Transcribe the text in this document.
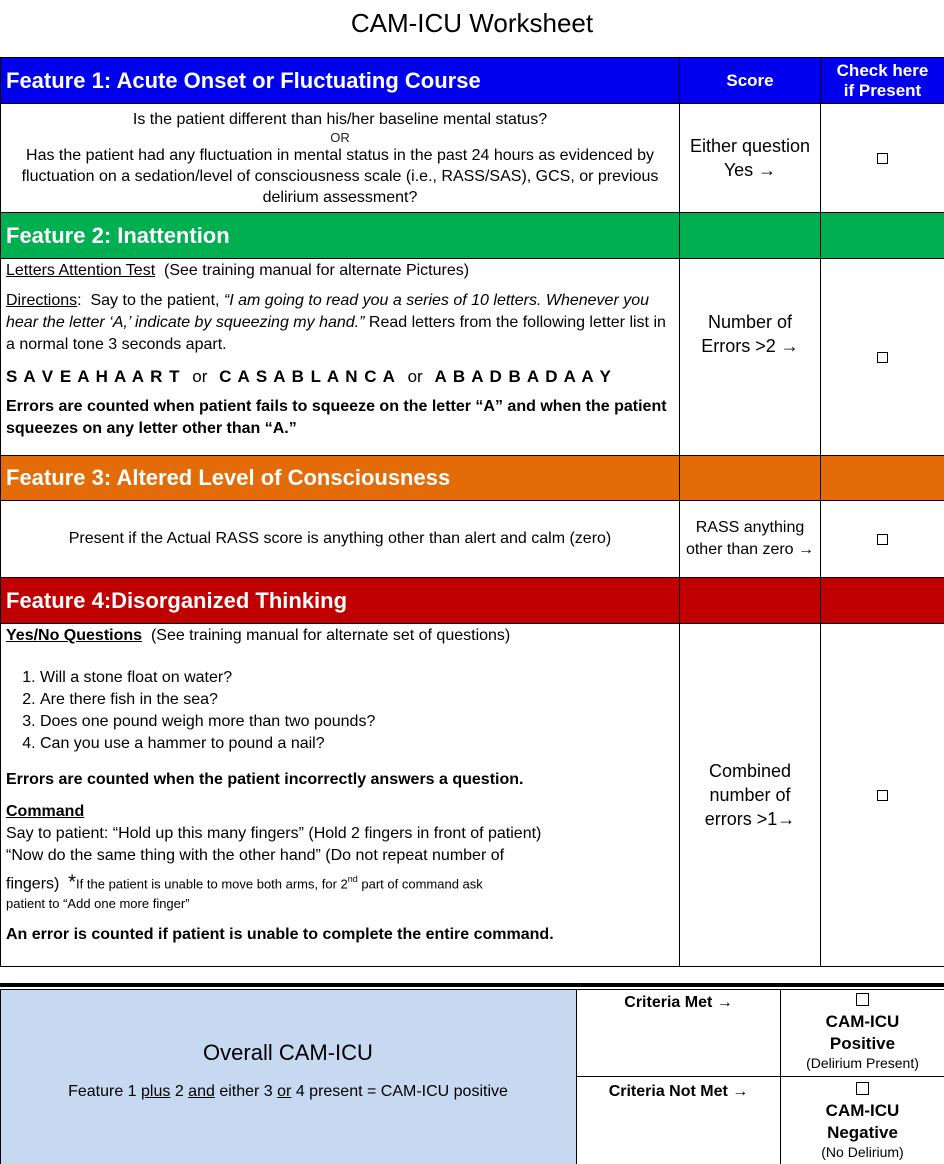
CAM-ICU Worksheet
Feature 1: Acute Onset or Fluctuating Course	Score
Check here
if Present
Is the patient different than his/her baseline mental status?
OR
Has the patient had any fluctuation in mental status in the past 24 hours as evidenced by fluctuation on a sedation/level of consciousness scale (i.e., RASS/SAS), GCS, or previous delirium assessment?
Either question Yes →
Feature 2: Inattention
Letters Attention Test  (See training manual for alternate Pictures)
Directions:  Say to the patient, “I am going to read you a series of 10 letters. Whenever you hear the letter ‘A,’ indicate by squeezing my hand.” Read letters from the following letter list in a normal tone 3 seconds apart.
S A V E A H A A R T or C A S A B L A N C A or A B A D B A D A A Y
Errors are counted when patient fails to squeeze on the letter “A” and when the patient squeezes on any letter other than “A.”
Number of Errors >2 →
Feature 3: Altered Level of Consciousness
Present if the Actual RASS score is anything other than alert and calm (zero)
RASS anything other than zero →
Feature 4:Disorganized Thinking
Yes/No Questions  (See training manual for alternate set of questions)
1. Will a stone float on water?
2. Are there fish in the sea?
3. Does one pound weigh more than two pounds?
4. Can you use a hammer to pound a nail?
Errors are counted when the patient incorrectly answers a question.
Command
Say to patient: “Hold up this many fingers” (Hold 2 fingers in front of patient)
“Now do the same thing with the other hand” (Do not repeat number of
fingers)  *If the patient is unable to move both arms, for 2nd part of command ask
patient to “Add one more finger”
An error is counted if patient is unable to complete the entire command.
Combined number of errors >1→
Overall CAM-ICU
Feature 1 plus 2 and either 3 or 4 present = CAM-ICU positive
Criteria Met →
Criteria Not Met →
CAM-ICU
Positive
(Delirium Present)
CAM-ICU
Negative
(No Delirium)
